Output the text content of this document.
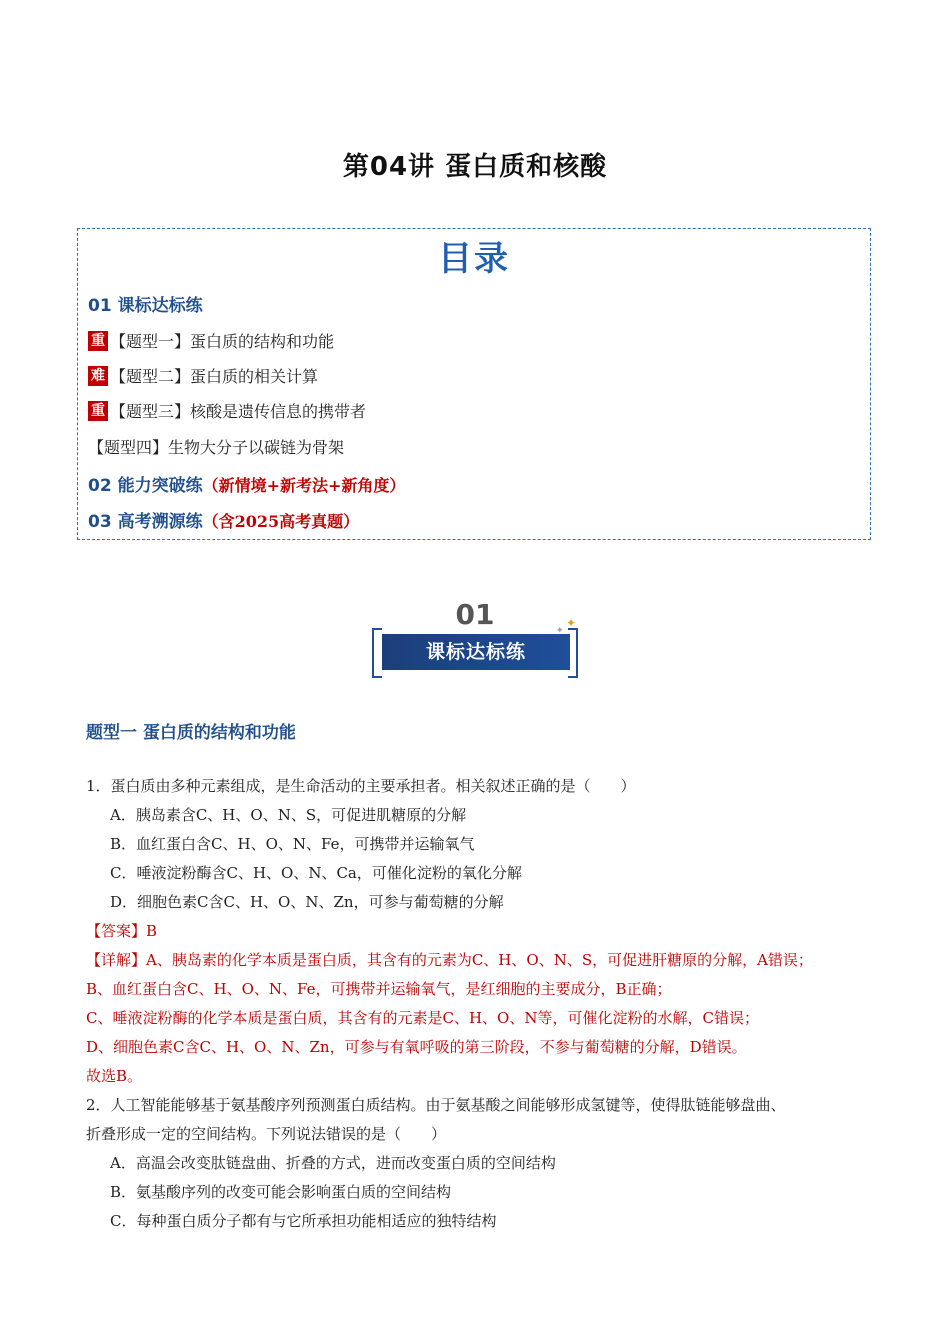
第04讲 蛋白质和核酸
目录
01 课标达标练
重 【题型一】蛋白质的结构和功能
难 【题型二】蛋白质的相关计算
重 【题型三】核酸是遗传信息的携带者
【题型四】生物大分子以碳链为骨架
02 能力突破练（新情境+新考法+新角度）
03 高考溯源练（含2025高考真题）
01
课标达标练
✦
✦
题型一 蛋白质的结构和功能
1．蛋白质由多种元素组成，是生命活动的主要承担者。相关叙述正确的是（　　）
A．胰岛素含C、H、O、N、S，可促进肌糖原的分解
B．血红蛋白含C、H、O、N、Fe，可携带并运输氧气
C．唾液淀粉酶含C、H、O、N、Ca，可催化淀粉的氧化分解
D．细胞色素C含C、H、O、N、Zn，可参与葡萄糖的分解
【答案】B
【详解】A、胰岛素的化学本质是蛋白质，其含有的元素为C、H、O、N、S，可促进肝糖原的分解，A错误；
B、血红蛋白含C、H、O、N、Fe，可携带并运输氧气，是红细胞的主要成分，B正确；
C、唾液淀粉酶的化学本质是蛋白质，其含有的元素是C、H、O、N等，可催化淀粉的水解，C错误；
D、细胞色素C含C、H、O、N、Zn，可参与有氧呼吸的第三阶段，不参与葡萄糖的分解，D错误。
故选B。
2．人工智能能够基于氨基酸序列预测蛋白质结构。由于氨基酸之间能够形成氢键等，使得肽链能够盘曲、
折叠形成一定的空间结构。下列说法错误的是（　　）
A．高温会改变肽链盘曲、折叠的方式，进而改变蛋白质的空间结构
B．氨基酸序列的改变可能会影响蛋白质的空间结构
C．每种蛋白质分子都有与它所承担功能相适应的独特结构
